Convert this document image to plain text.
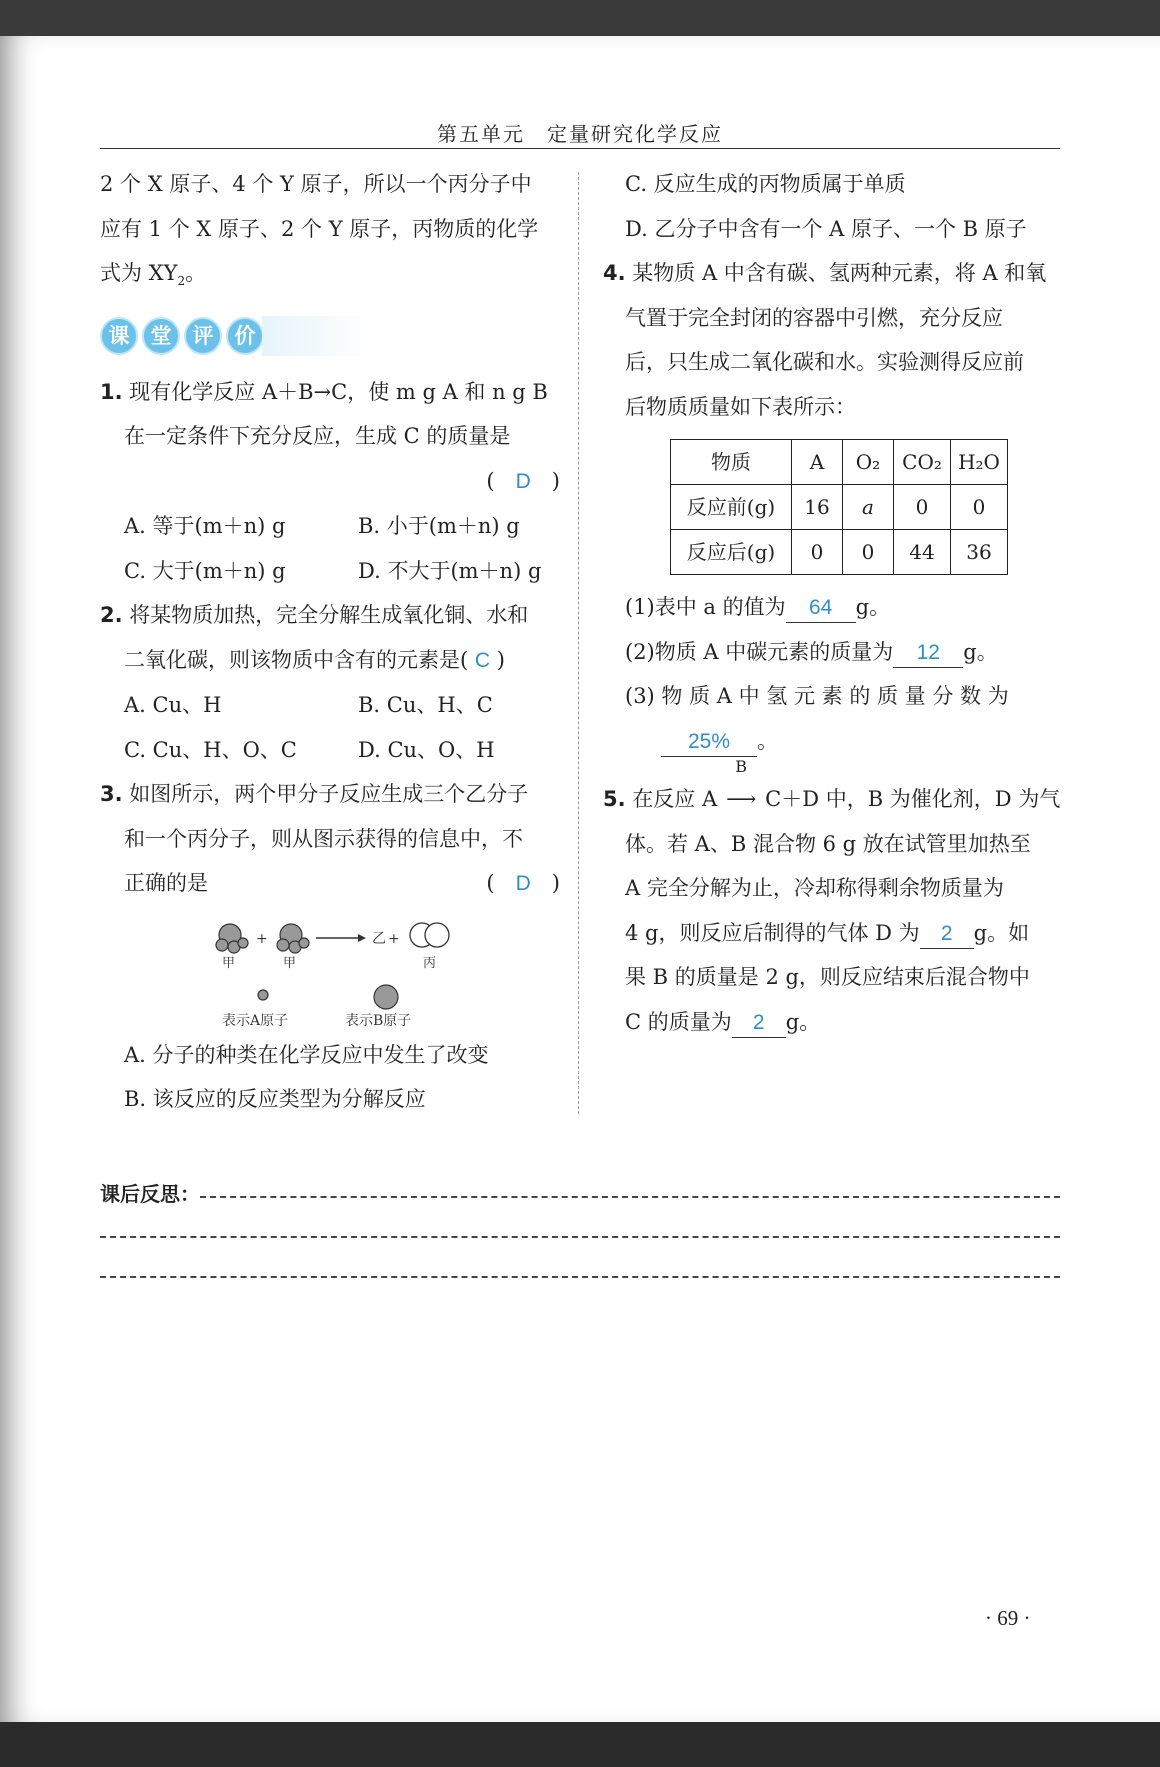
第五单元　定量研究化学反应

2 个 X 原子、4 个 Y 原子，所以一个丙分子中

应有 1 个 X 原子、2 个 Y 原子，丙物质的化学

式为 $XY_2$。

课	堂	评	价

1. 现有化学反应 A＋B→C，使 m g A 和 n g B

在一定条件下充分反应，生成 C 的质量是

(　D　)

A. 等于(m＋n) g	B. 小于(m＋n) g

C. 大于(m＋n) g	D. 不大于(m＋n) g

2. 将某物质加热，完全分解生成氧化铜、水和

二氧化碳，则该物质中含有的元素是( C )

A. Cu、H	B. Cu、H、C

C. Cu、H、O、C	D. Cu、O、H

3. 如图所示，两个甲分子反应生成三个乙分子

和一个丙分子，则从图示获得的信息中，不

正确的是	(　D　)

+	乙 +
甲	甲	丙
表示A原子	表示B原子

A. 分子的种类在化学反应中发生了改变

B. 该反应的反应类型为分解反应

C. 反应生成的丙物质属于单质

D. 乙分子中含有一个 A 原子、一个 B 原子

4. 某物质 A 中含有碳、氢两种元素，将 A 和氧

气置于完全封闭的容器中引燃，充分反应

后，只生成二氧化碳和水。实验测得反应前

后物质质量如下表所示：

物质	A	O₂	CO₂	H₂O
反应前(g)	16	a	0	0
反应后(g)	0	0	44	36

(1)表中 a 的值为 64 g。

(2)物质 A 中碳元素的质量为 12 g。

(3) 物 质 A 中 氢 元 素 的 质 量 分 数 为

25% 。

5. 在反应 A
B
⟶ C＋D 中，B 为催化剂，D 为气

体。若 A、B 混合物 6 g 放在试管里加热至

A 完全分解为止，冷却称得剩余物质量为

4 g，则反应后制得的气体 D 为 2 g。如

果 B 的质量是 2 g，则反应结束后混合物中

C 的质量为 2 g。

课后反思：
· 69 ·
